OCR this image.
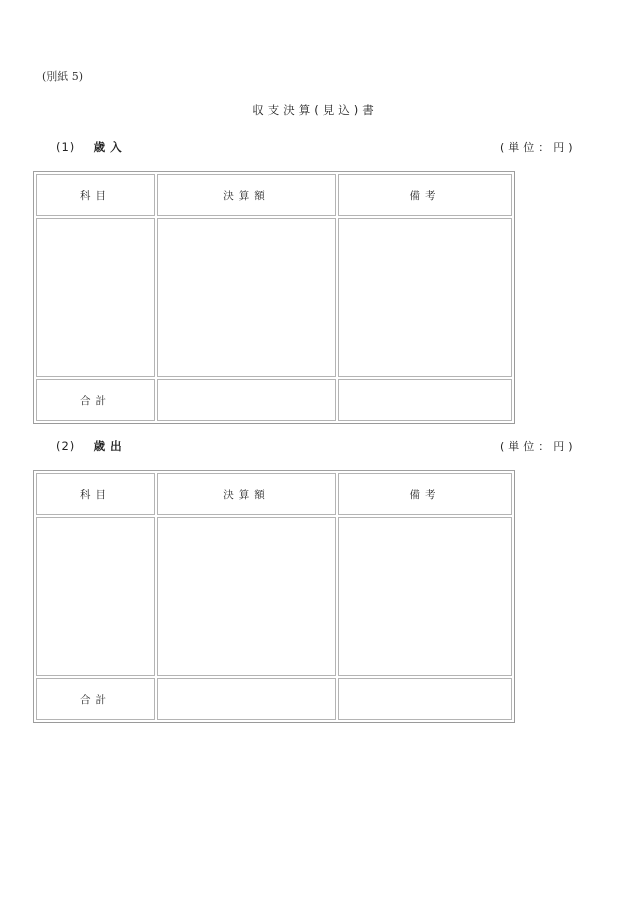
(別紙 5)
収支決算(見込)書
(1) 歳入	(単位：円)
科目	決算額	備考

合計		
(2) 歳出	(単位：円)
科目	決算額	備考

合計		
